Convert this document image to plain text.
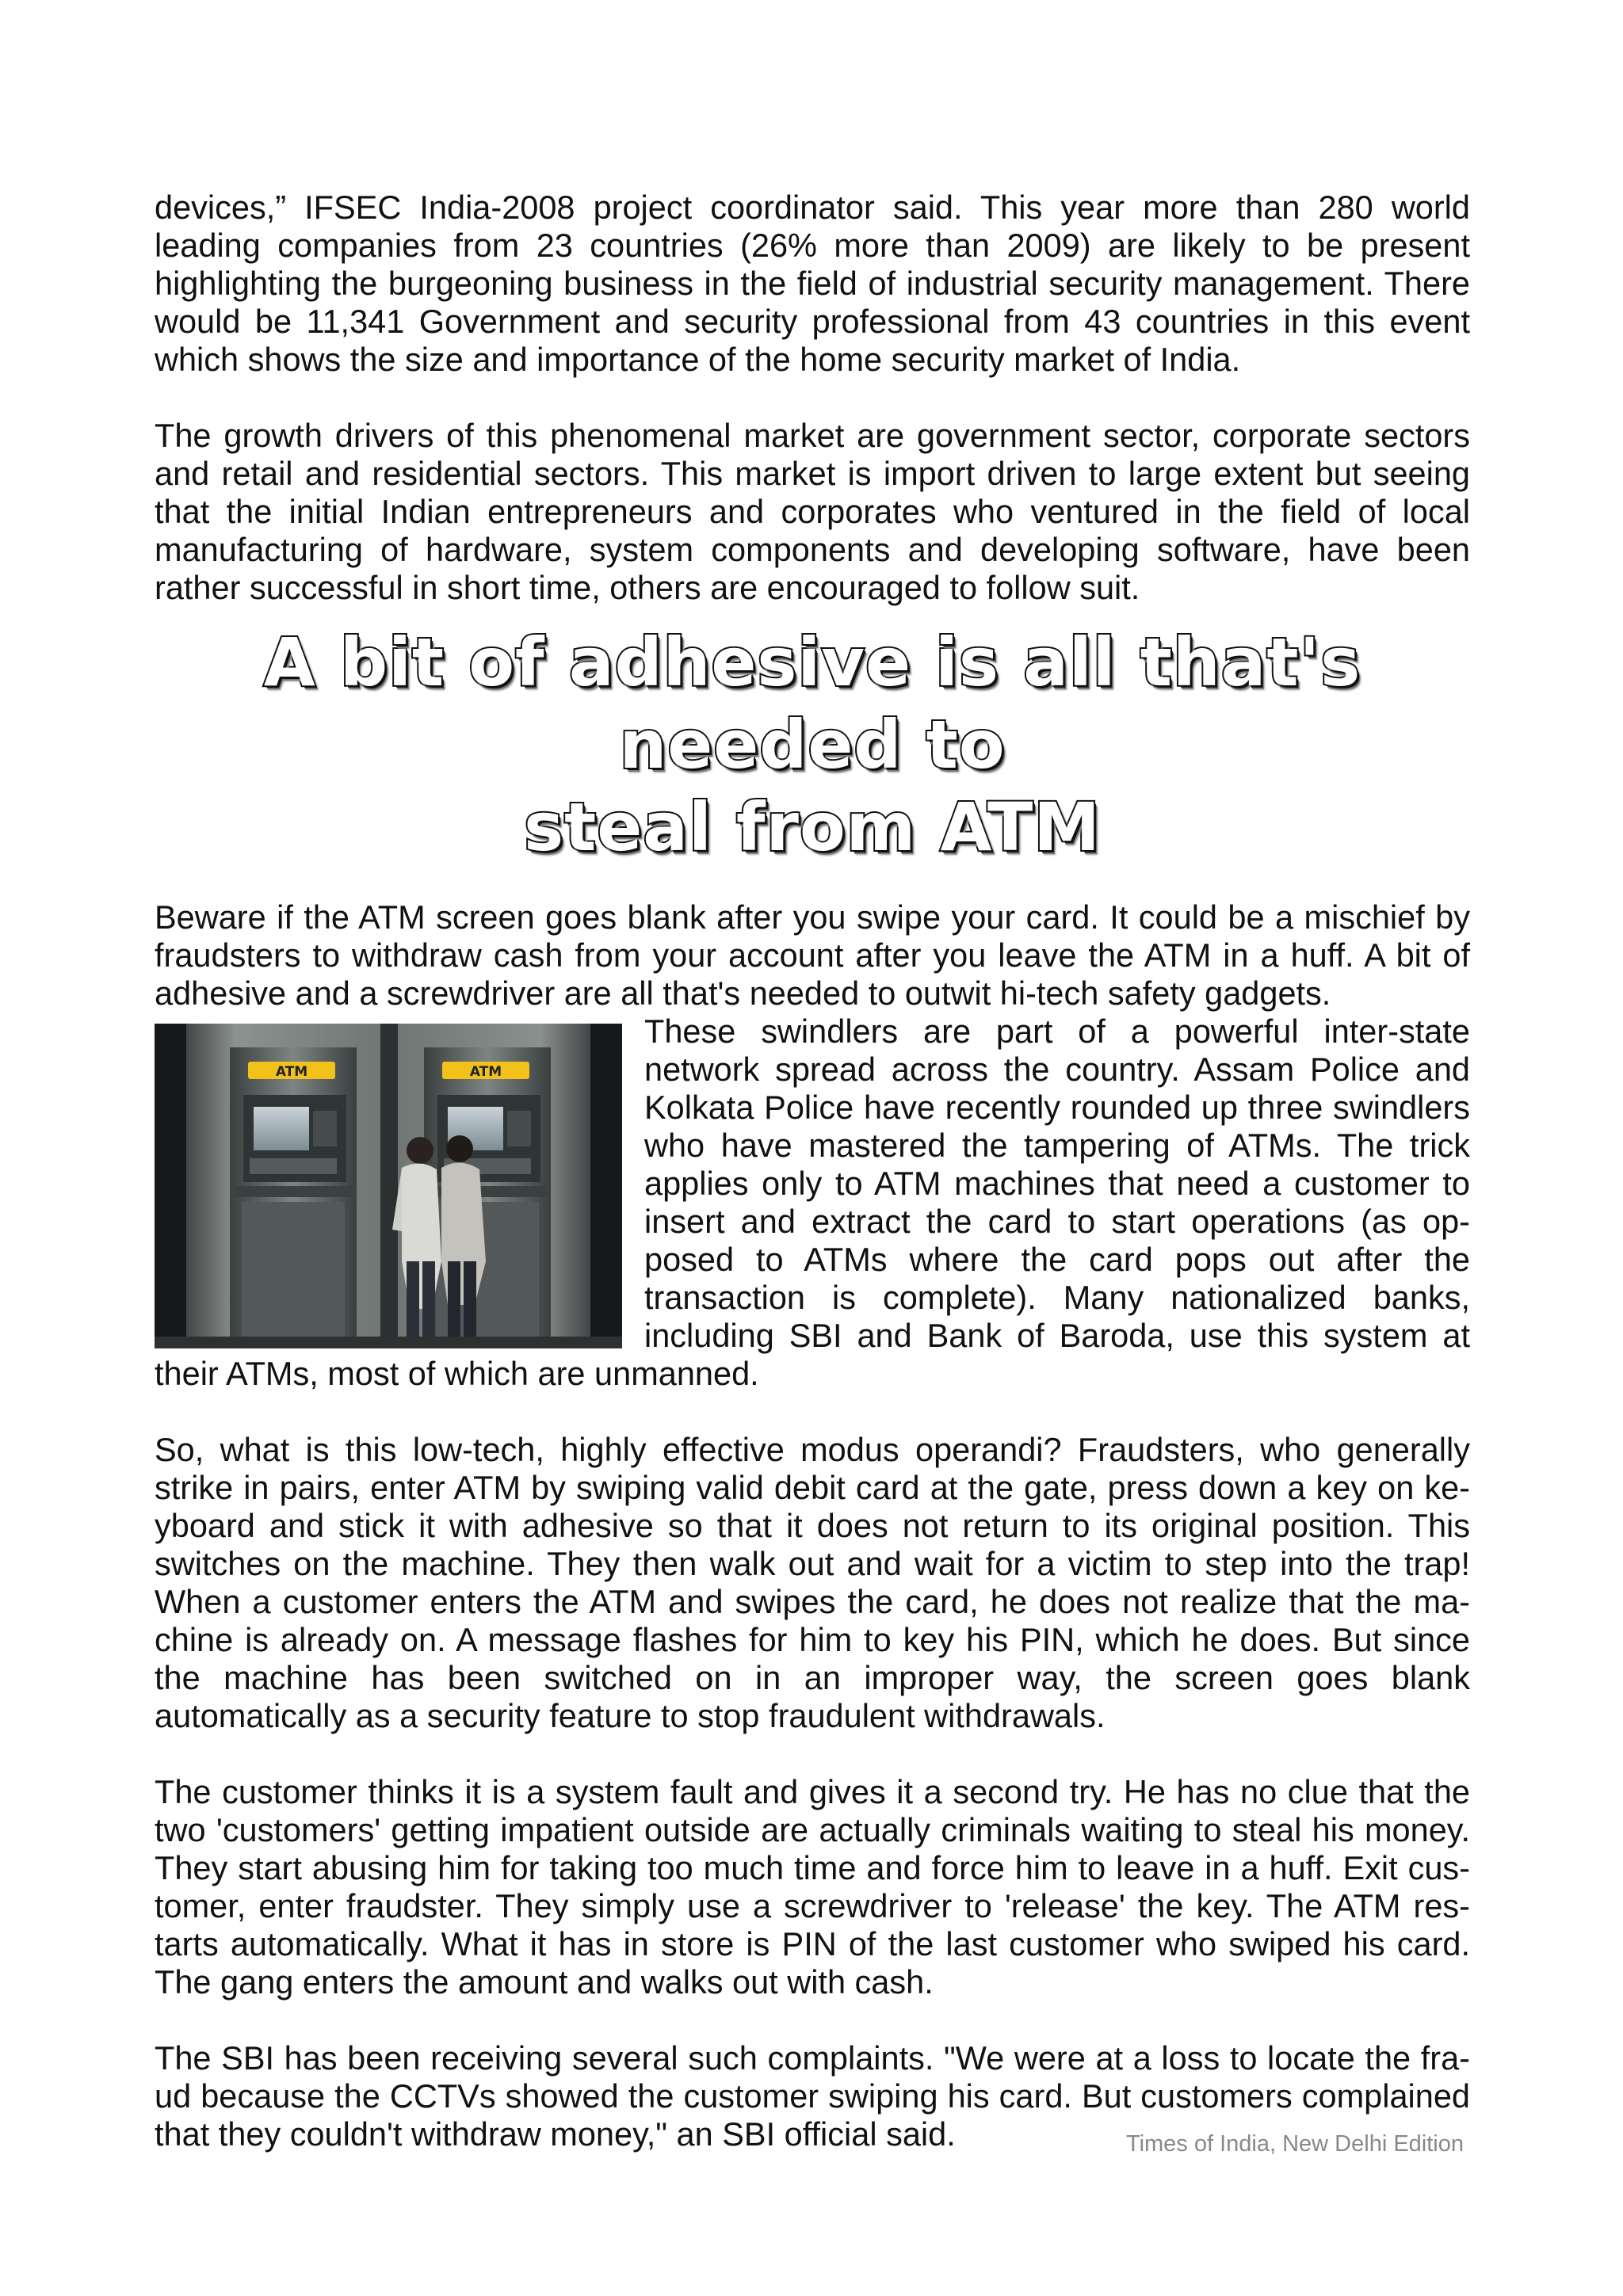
devices,” IFSEC India-2008 project coordinator said. This year more than 280 world leading companies from 23 countries (26% more than 2009) are likely to be present highlighting the burgeoning business in the field of industrial security management. There would be 11,341 Government and security professional from 43 countries in this event which shows the size and importance of the home security market of India.

The growth drivers of this phenomenal market are government sector, corporate sectors and retail and residential sectors. This market is import driven to large extent but seeing that the initial Indian entrepreneurs and corporates who ventured in the field of local manufacturing of hardware, system components and developing software, have been rather successful in short time, others are encouraged to follow suit.

A bit of adhesive is all that's needed to
steal from ATM

Beware if the ATM screen goes blank after you swipe your card. It could be a mischief by fraudsters to withdraw cash from your account after you leave the ATM in a huff. A bit of adhesive and a screwdriver are all that's needed to outwit hi-tech safety gadgets.

ATM	ATM

These swindlers are part of a powerful inter-state network spread across the country. Assam Police and Kolkata Police have recently rounded up three swindlers who have mastered the tampering of ATMs. The trick applies only to ATM machines that need a customer to insert and extract the card to start operations (as opposed to ATMs where the card pops out after the transaction is complete). Many nationalized banks, including SBI and Bank of Baroda, use this system at their ATMs, most of which are unmanned.

So, what is this low-tech, highly effective modus operandi? Fraudsters, who generally strike in pairs, enter ATM by swiping valid debit card at the gate, press down a key on keyboard and stick it with adhesive so that it does not return to its original position. This switches on the machine. They then walk out and wait for a victim to step into the trap! When a customer enters the ATM and swipes the card, he does not realize that the machine is already on. A message flashes for him to key his PIN, which he does. But since the machine has been switched on in an improper way, the screen goes blank automatically as a security feature to stop fraudulent withdrawals.

The customer thinks it is a system fault and gives it a second try. He has no clue that the two 'customers' getting impatient outside are actually criminals waiting to steal his money. They start abusing him for taking too much time and force him to leave in a huff. Exit customer, enter fraudster. They simply use a screwdriver to 'release' the key. The ATM restarts automatically. What it has in store is PIN of the last customer who swiped his card. The gang enters the amount and walks out with cash.

The SBI has been receiving several such complaints. "We were at a loss to locate the fraud because the CCTVs showed the customer swiping his card. But customers complained that they couldn't withdraw money," an SBI official said.	Times of India, New Delhi Edition
